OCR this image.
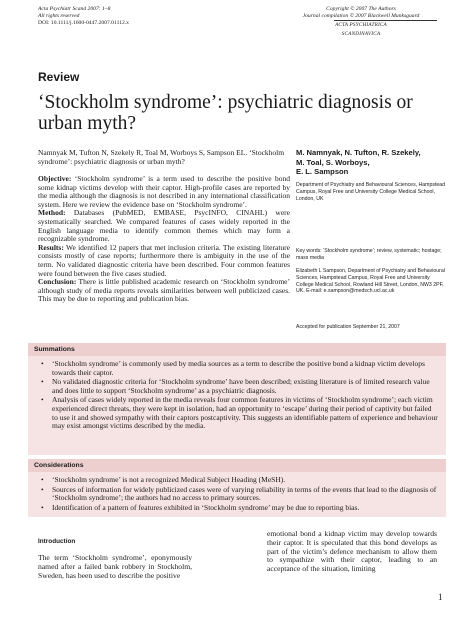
Acta Psychiatr Scand 2007: 1–8
All rights reserved
DOI: 10.1111/j.1600-0447.2007.01112.x
Copyright © 2007 The Authors
Journal compilation © 2007 Blackwell Munksgaard
ACTA PSYCHIATRICA
SCANDINAVICA
Review
‘Stockholm syndrome’: psychiatric diagnosis or urban myth?
Namnyak M, Tufton N, Szekely R, Toal M, Worboys S, Sampson EL. ‘Stockholm syndrome’: psychiatric diagnosis or urban myth?

Objective: ‘Stockholm syndrome’ is a term used to describe the positive bond some kidnap victims develop with their captor. High-profile cases are reported by the media although the diagnosis is not described in any international classification system. Here we review the evidence base on ‘Stockholm syndrome’.

Method: Databases (PubMED, EMBASE, PsycINFO, CINAHL) were systematically searched. We compared features of cases widely reported in the English language media to identify common themes which may form a recognizable syndrome.

Results: We identified 12 papers that met inclusion criteria. The existing literature consists mostly of case reports; furthermore there is ambiguity in the use of the term. No validated diagnostic criteria have been described. Four common features were found between the five cases studied.

Conclusion: There is little published academic research on ‘Stockholm syndrome’ although study of media reports reveals similarities between well publicized cases. This may be due to reporting and publication bias.

M. Namnyak, N. Tufton, R. Szekely,
M. Toal, S. Worboys,
E. L. Sampson
Department of Psychiatry and Behavioural Sciences, Hampstead Campus, Royal Free and University College Medical School, London, UK
Key words: ‘Stockholm syndrome’; review, systematic; hostage; mass media
Elizabeth L Sampson, Department of Psychiatry and Behavioural Sciences, Hampstead Campus, Royal Free and University College Medical School, Rowland Hill Street, London, NW3 2PF, UK. E-mail: e.sampson@medsch.ucl.ac.uk
Accepted for publication September 21, 2007
Summations
• ‘Stockholm syndrome’ is commonly used by media sources as a term to describe the positive bond a kidnap victim develops towards their captor.
• No validated diagnostic criteria for ‘Stockholm syndrome’ have been described; existing literature is of limited research value and does little to support ‘Stockholm syndrome’ as a psychiatric diagnosis.
• Analysis of cases widely reported in the media reveals four common features in victims of ‘Stockholm syndrome’; each victim experienced direct threats, they were kept in isolation, had an opportunity to ‘escape’ during their period of captivity but failed to use it and showed sympathy with their captors postcaptivity. This suggests an identifiable pattern of experience and behaviour may exist amongst victims described by the media.
Considerations
• ‘Stockholm syndrome’ is not a recognized Medical Subject Heading (MeSH).
• Sources of information for widely publicized cases were of varying reliability in terms of the events that lead to the diagnosis of ‘Stockholm syndrome’; the authors had no access to primary sources.
• Identification of a pattern of features exhibited in ‘Stockholm syndrome’ may be due to reporting bias.
Introduction
The term ‘Stockholm syndrome’, eponymously named after a failed bank robbery in Stockholm, Sweden, has been used to describe the positive
emotional bond a kidnap victim may develop towards their captor. It is speculated that this bond develops as part of the victim’s defence mechanism to allow them to sympathize with their captor, leading to an acceptance of the situation, limiting
1
